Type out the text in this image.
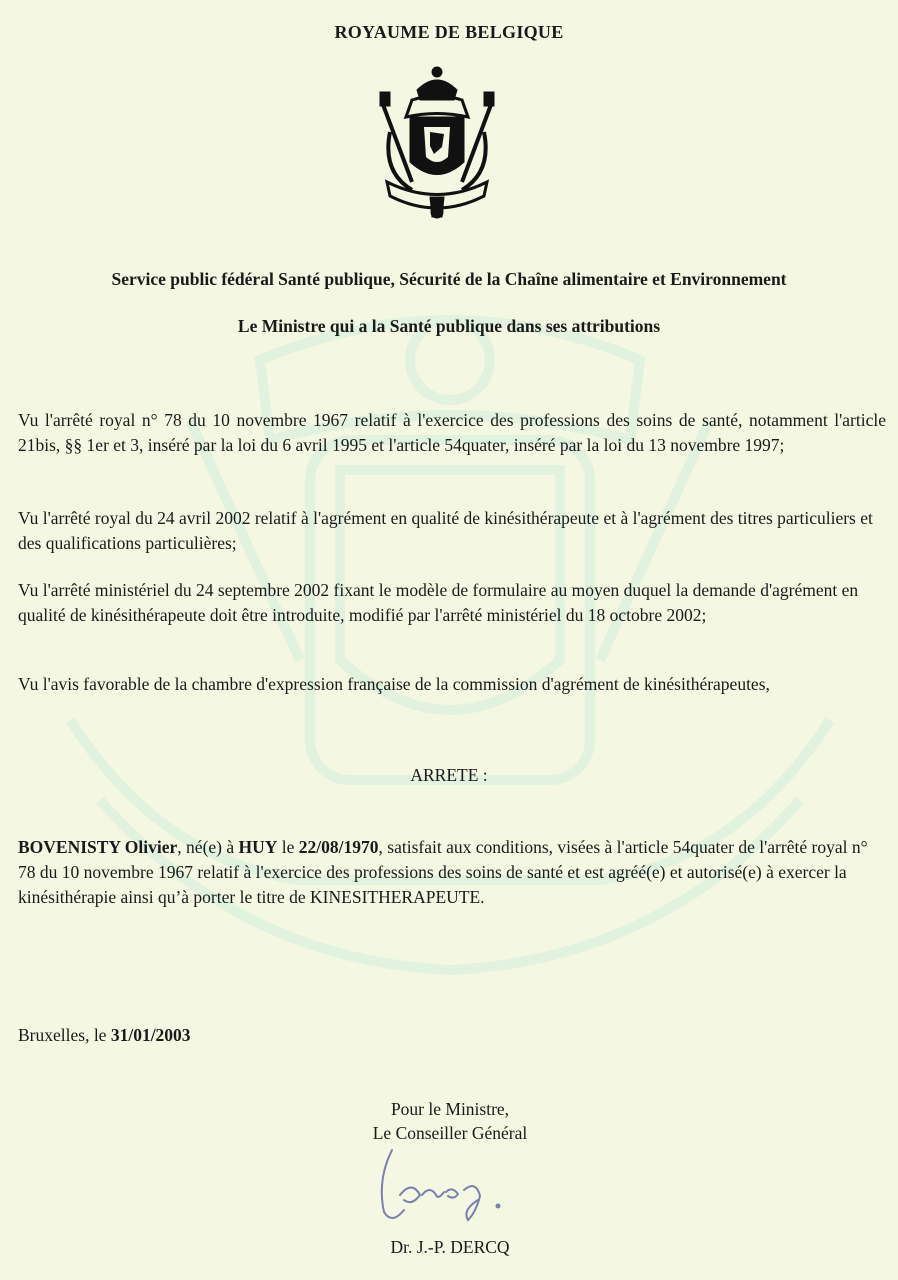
ROYAUME DE BELGIQUE
Service public fédéral Santé publique, Sécurité de la Chaîne alimentaire et Environnement
Le Ministre qui a la Santé publique dans ses attributions
Vu l'arrêté royal n° 78 du 10 novembre 1967 relatif à l'exercice des professions des soins de santé, notamment l'article 21bis, §§ 1er et 3, inséré par la loi du 6 avril 1995 et l'article 54quater, inséré par la loi du 13 novembre 1997;
Vu l'arrêté royal du 24 avril 2002 relatif à l'agrément en qualité de kinésithérapeute et à l'agrément des titres particuliers et des qualifications particulières;
Vu l'arrêté ministériel du 24 septembre 2002 fixant le modèle de formulaire au moyen duquel la demande d'agrément en qualité de kinésithérapeute doit être introduite, modifié par l'arrêté ministériel du 18 octobre 2002;
Vu l'avis favorable de la chambre d'expression française de la commission d'agrément de kinésithérapeutes,
ARRETE :
BOVENISTY Olivier, né(e) à HUY le 22/08/1970, satisfait aux conditions, visées à l'article 54quater de l'arrêté royal n° 78 du 10 novembre 1967 relatif à l'exercice des professions des soins de santé et est agréé(e) et autorisé(e) à exercer la kinésithérapie ainsi qu’à porter le titre de KINESITHERAPEUTE.
Bruxelles, le 31/01/2003
Pour le Ministre,
Le Conseiller Général
Dr. J.-P. DERCQ
